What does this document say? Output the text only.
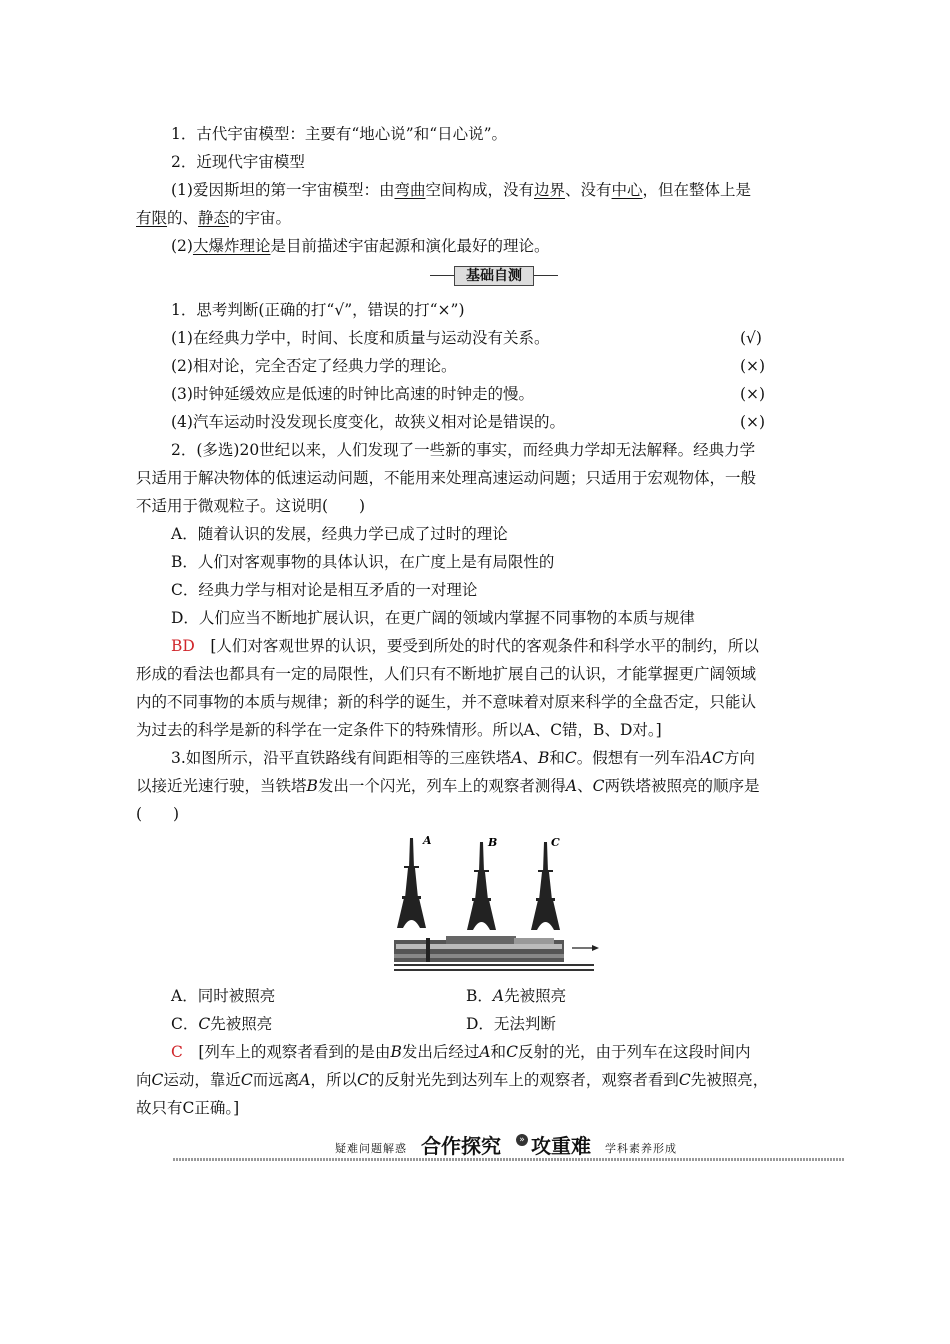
1．古代宇宙模型：主要有“地心说”和“日心说”。
2．近现代宇宙模型
(1)爱因斯坦的第一宇宙模型：由弯曲空间构成，没有边界、没有中心，但在整体上是
有限的、静态的宇宙。
(2)大爆炸理论是目前描述宇宙起源和演化最好的理论。
基础自测
1．思考判断(正确的打“√”，错误的打“×”)
(1)在经典力学中，时间、长度和质量与运动没有关系。	(√)
(2)相对论，完全否定了经典力学的理论。	(×)
(3)时钟延缓效应是低速的时钟比高速的时钟走的慢。	(×)
(4)汽车运动时没发现长度变化，故狭义相对论是错误的。	(×)
2．(多选)20世纪以来，人们发现了一些新的事实，而经典力学却无法解释。经典力学
只适用于解决物体的低速运动问题，不能用来处理高速运动问题；只适用于宏观物体，一般
不适用于微观粒子。这说明(　　)
A．随着认识的发展，经典力学已成了过时的理论
B．人们对客观事物的具体认识，在广度上是有局限性的
C．经典力学与相对论是相互矛盾的一对理论
D．人们应当不断地扩展认识，在更广阔的领域内掌握不同事物的本质与规律
BD　[人们对客观世界的认识，要受到所处的时代的客观条件和科学水平的制约，所以
形成的看法也都具有一定的局限性，人们只有不断地扩展自己的认识，才能掌握更广阔领域
内的不同事物的本质与规律；新的科学的诞生，并不意味着对原来科学的全盘否定，只能认
为过去的科学是新的科学在一定条件下的特殊情形。所以A、C错，B、D对。]
3.如图所示，沿平直铁路线有间距相等的三座铁塔A、B和C。假想有一列车沿AC方向
以接近光速行驶，当铁塔B发出一个闪光，列车上的观察者测得A、C两铁塔被照亮的顺序是
(　　)
A	B	C
A．同时被照亮	B．A先被照亮
C．C先被照亮	D．无法判断
C　[列车上的观察者看到的是由B发出后经过A和C反射的光，由于列车在这段时间内
向C运动，靠近C而远离A，所以C的反射光先到达列车上的观察者，观察者看到C先被照亮，
故只有C正确。]
疑难问题解惑 合作探究	» 攻重难 学科素养形成
